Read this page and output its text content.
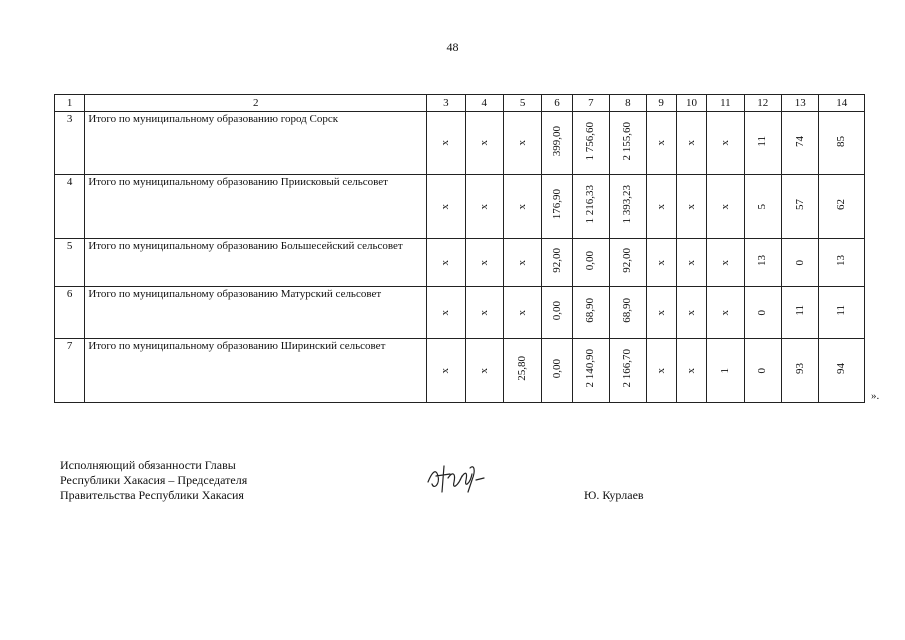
48
1	2	3	4	5	6	7	8	9	10	11	12	13	14
3	Итого по муниципальному образованию город Сорск	х	х	х	399,00	1 756,60	2 155,60	х	х	х	11	74	85
4	Итого по муниципальному образованию Приисковый сельсовет	х	х	х	176,90	1 216,33	1 393,23	х	х	х	5	57	62
5	Итого по муниципальному образованию Большесейский сельсовет	х	х	х	92,00	0,00	92,00	х	х	х	13	0	13
6	Итого по муниципальному образованию Матурский сельсовет	х	х	х	0,00	68,90	68,90	х	х	х	0	11	11
7	Итого по муниципальному образованию Ширинский сельсовет	х	х	25,80	0,00	2 140,90	2 166,70	х	х	1	0	93	94
».
Исполняющий обязанности Главы
Республики Хакасия – Председателя
Правительства Республики Хакасия	Ю. Курлаев
